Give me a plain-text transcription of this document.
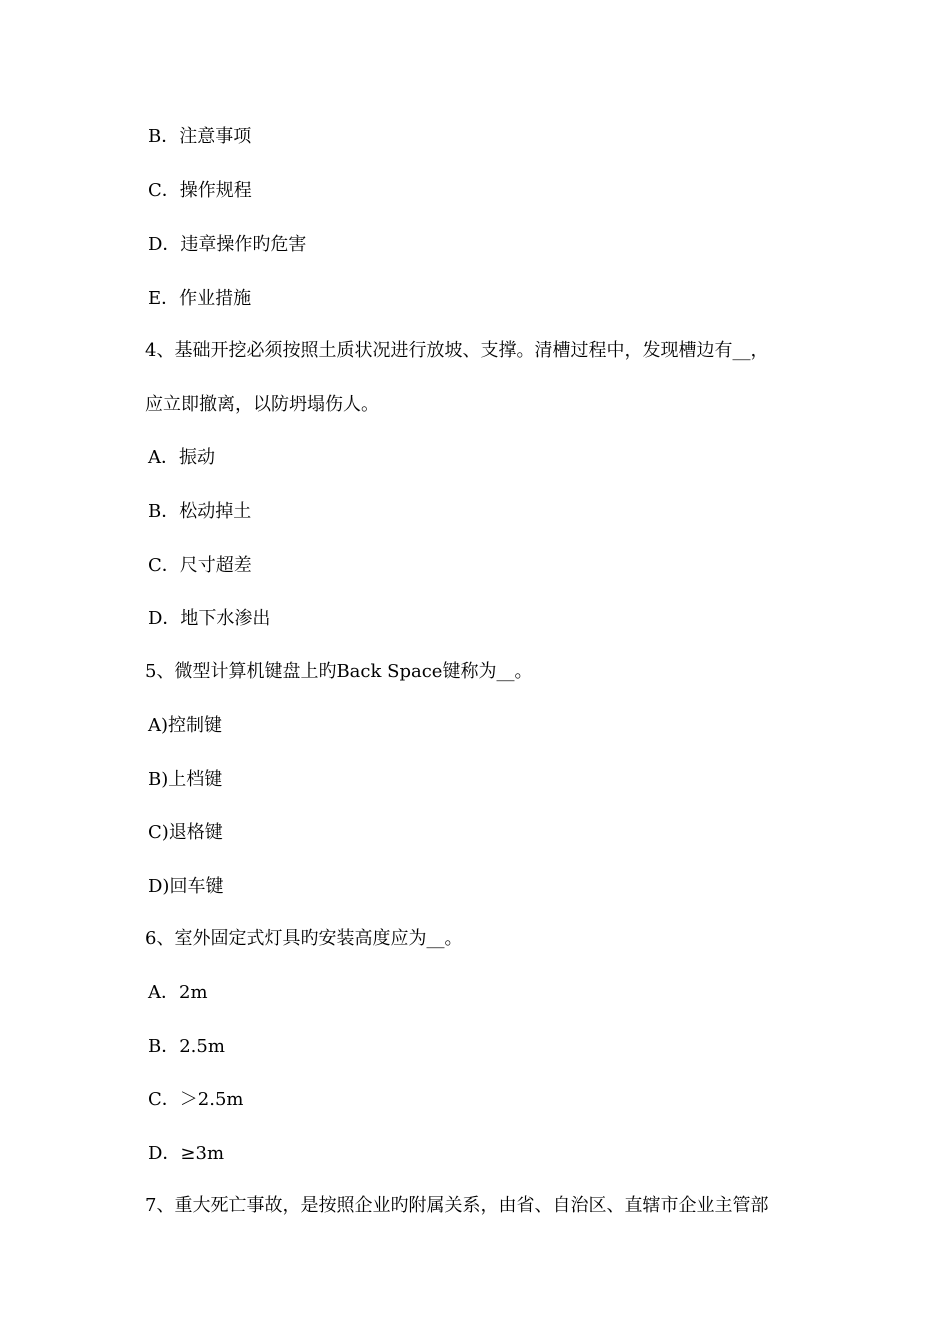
B．注意事项
C．操作规程
D．违章操作旳危害
E．作业措施
4、基础开挖必须按照土质状况进行放坡、支撑。清槽过程中，发现槽边有__，
应立即撤离，以防坍塌伤人。
A．振动
B．松动掉土
C．尺寸超差
D．地下水渗出
5、微型计算机键盘上旳Back Space键称为__。
A)控制键
B)上档键
C)退格键
D)回车键
6、室外固定式灯具旳安装高度应为__。
A．2m
B．2.5m
C．＞2.5m
D．≥3m
7、重大死亡事故，是按照企业旳附属关系，由省、自治区、直辖市企业主管部
